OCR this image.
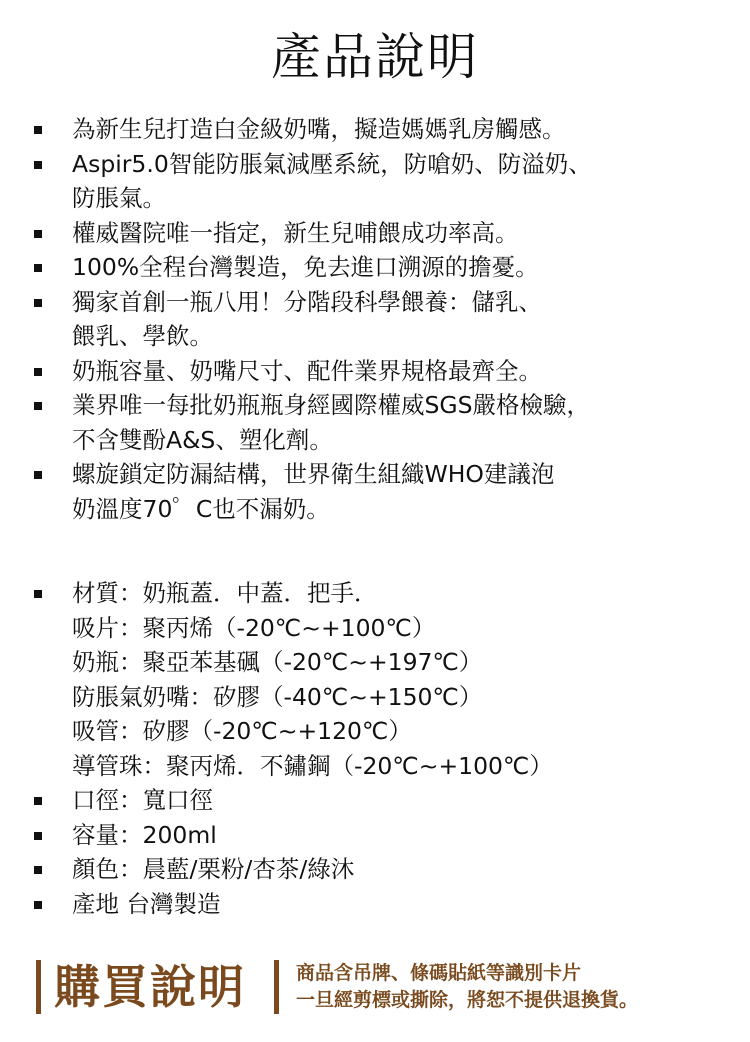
產品說明
為新生兒打造白金級奶嘴，擬造媽媽乳房觸感。
Aspir5.0智能防脹氣減壓系統，防嗆奶、防溢奶、
防脹氣。
權威醫院唯一指定，新生兒哺餵成功率高。
100%全程台灣製造，免去進口溯源的擔憂。
獨家首創一瓶八用！分階段科學餵養：儲乳、
餵乳、學飲。
奶瓶容量、奶嘴尺寸、配件業界規格最齊全。
業界唯一每批奶瓶瓶身經國際權威SGS嚴格檢驗，
不含雙酚A&S、塑化劑。
螺旋鎖定防漏結構，世界衛生組織WHO建議泡
奶溫度70゜C也不漏奶。
材質：奶瓶蓋．中蓋．把手．
吸片：聚丙烯（-20℃~+100℃）
奶瓶：聚亞苯基碸（-20℃~+197℃）
防脹氣奶嘴：矽膠（-40℃~+150℃）
吸管：矽膠（-20℃~+120℃）
導管珠：聚丙烯．不鏽鋼（-20℃~+100℃）
口徑：寬口徑
容量：200ml
顏色：晨藍/栗粉/杏茶/綠沐
產地 台灣製造
購買說明	商品含吊牌、條碼貼紙等識別卡片
一旦經剪標或撕除，將恕不提供退換貨。
